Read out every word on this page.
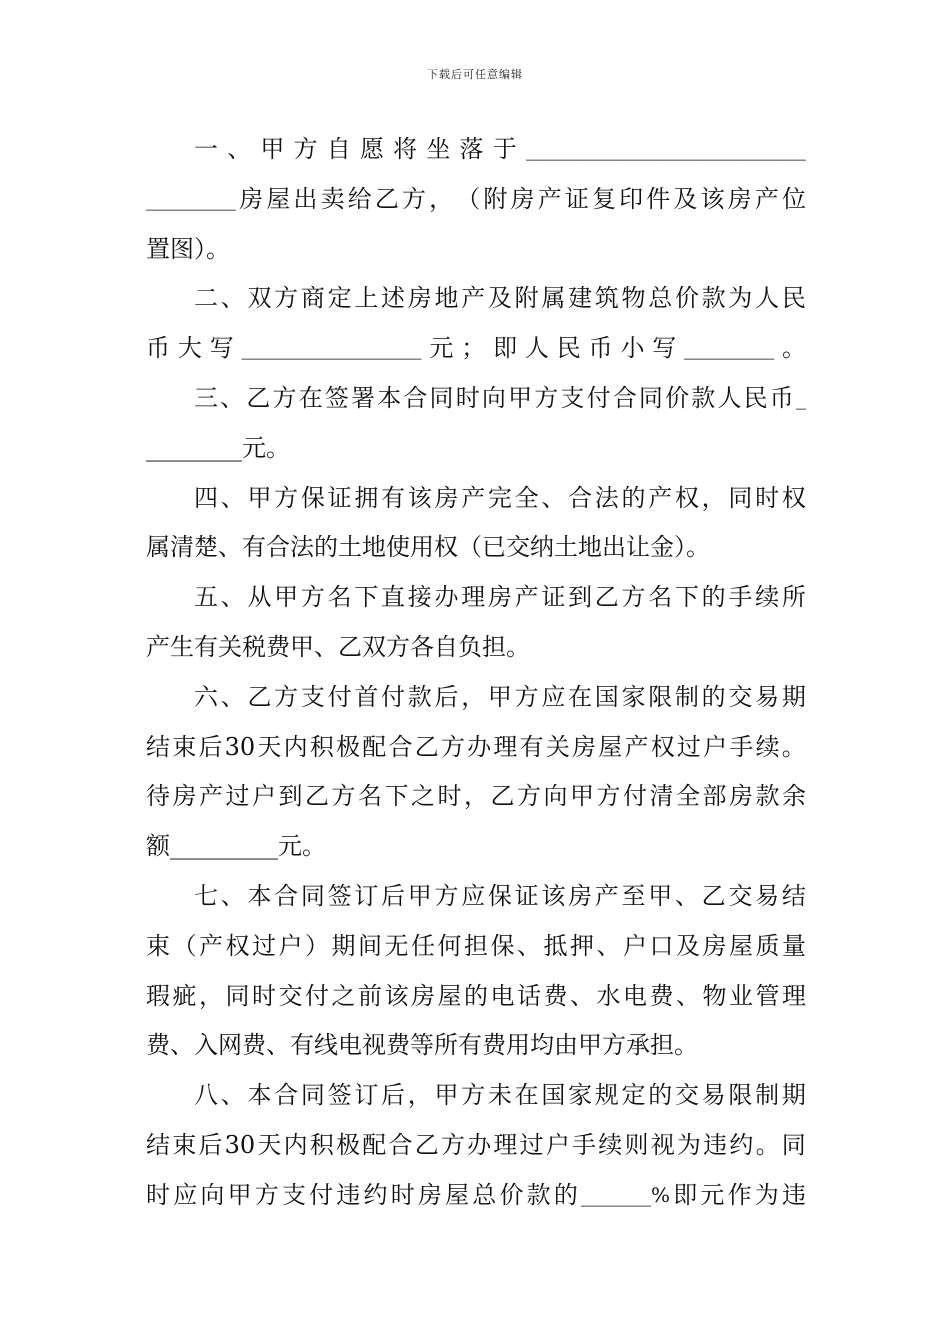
下载后可任意编辑
一 、 甲 方 自 愿 将 坐 落 于 ____________________________
_________ 房 屋 出 卖 给 乙 方 ， （ 附 房 产 证 复 印 件 及 该 房 产 位
置图）。
二 、 双 方 商 定 上 述 房 地 产 及 附 属 建 筑 物 总 价 款 为 人 民
币 大 写 __________________ 元 ； 即 人 民 币 小 写 _________ 。
三 、 乙 方 在 签 署 本 合 同 时 向 甲 方 支 付 合 同 价 款 人 民 币 _
________元。
四 、 甲 方 保 证 拥 有 该 房 产 完 全 、 合 法 的 产 权 ， 同 时 权
属清楚、有合法的土地使用权（已交纳土地出让金）。
五 、 从 甲 方 名 下 直 接 办 理 房 产 证 到 乙 方 名 下 的 手 续 所
产生有关税费甲、乙双方各自负担。
六 、 乙 方 支 付 首 付 款 后 ， 甲 方 应 在 国 家 限 制 的 交 易 期
结 束 后 30 天 内 积 极 配 合 乙 方 办 理 有 关 房 屋 产 权 过 户 手 续 。
待 房 产 过 户 到 乙 方 名 下 之 时 ， 乙 方 向 甲 方 付 清 全 部 房 款 余
额_________元。
七 、 本 合 同 签 订 后 甲 方 应 保 证 该 房 产 至 甲 、 乙 交 易 结
束 （ 产 权 过 户 ） 期 间 无 任 何 担 保 、 抵 押 、 户 口 及 房 屋 质 量
瑕 疵 ， 同 时 交 付 之 前 该 房 屋 的 电 话 费 、 水 电 费 、 物 业 管 理
费、入网费、有线电视费等所有费用均由甲方承担。
八 、 本 合 同 签 订 后 ， 甲 方 未 在 国 家 规 定 的 交 易 限 制 期
结 束 后 30 天 内 积 极 配 合 乙 方 办 理 过 户 手 续 则 视 为 违 约 。 同
时 应 向 甲 方 支 付 违 约 时 房 屋 总 价 款 的 _______% 即 元 作 为 违
